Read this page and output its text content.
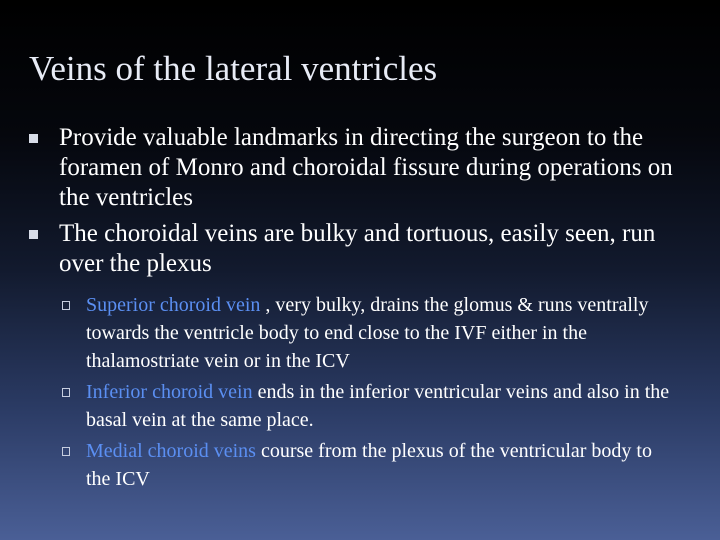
Veins of the lateral ventricles
Provide valuable landmarks in directing the surgeon to the foramen of Monro and choroidal fissure during operations on the ventricles
The choroidal veins are bulky and tortuous, easily seen, run over the plexus
Superior choroid vein , very bulky, drains the glomus & runs ventrally towards the ventricle body to end close to the IVF either in the thalamostriate vein or in the ICV
Inferior choroid vein ends in the inferior ventricular veins and also in the basal vein at the same place.
Medial choroid veins course from the plexus of the ventricular body to the ICV
